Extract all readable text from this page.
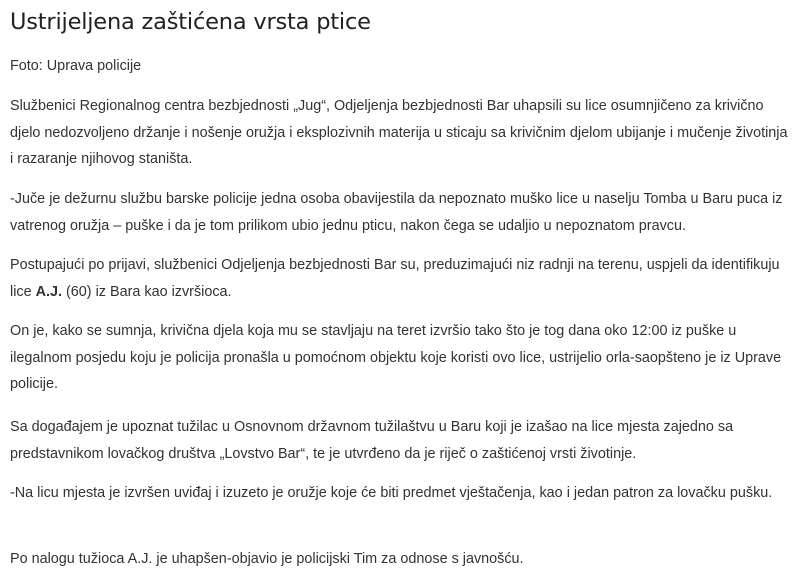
Ustrijeljena zaštićena vrsta ptice

Foto: Uprava policije

Službenici Regionalnog centra bezbjednosti „Jug“, Odjeljenja bezbjednosti Bar uhapsili su lice osumnjičeno za krivično djelo nedozvoljeno držanje i nošenje oružja i eksplozivnih materija u sticaju sa krivičnim djelom ubijanje i mučenje životinja i razaranje njihovog staništa.

-Juče je dežurnu službu barske policije jedna osoba obavijestila da nepoznato muško lice u naselju Tomba u Baru puca iz vatrenog oružja – puške i da je tom prilikom ubio jednu pticu, nakon čega se udaljio u nepoznatom pravcu.

Postupajući po prijavi, službenici Odjeljenja bezbjednosti Bar su, preduzimajući niz radnji na terenu, uspjeli da identifikuju lice A.J. (60) iz Bara kao izvršioca.

On je, kako se sumnja, krivična djela koja mu se stavljaju na teret izvršio tako što je tog dana oko 12:00 iz puške u ilegalnom posjedu koju je policija pronašla u pomoćnom objektu koje koristi ovo lice, ustrijelio orla-saopšteno je iz Uprave policije.

Sa događajem je upoznat tužilac u Osnovnom državnom tužilaštvu u Baru koji je izašao na lice mjesta zajedno sa predstavnikom lovačkog društva „Lovstvo Bar“, te je utvrđeno da je riječ o zaštićenoj vrsti životinje.

-Na licu mjesta je izvršen uviđaj i izuzeto je oružje koje će biti predmet vještačenja, kao i jedan patron za lovačku pušku.

Po nalogu tužioca A.J. je uhapšen-objavio je policijski Tim za odnose s javnošću.
